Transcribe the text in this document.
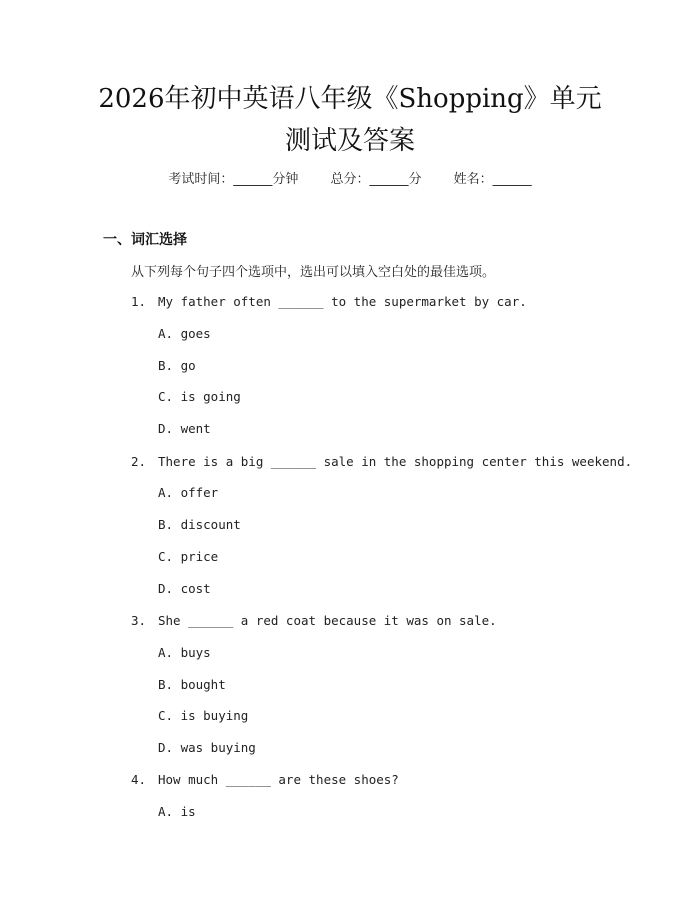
2026年初中英语八年级《Shopping》单元测试及答案
考试时间：______分钟 总分：______分 姓名：______
一、词汇选择
从下列每个句子四个选项中，选出可以填入空白处的最佳选项。
1. My father often ______ to the supermarket by car.
A. goes
B. go
C. is going
D. went
2. There is a big ______ sale in the shopping center this weekend.
A. offer
B. discount
C. price
D. cost
3. She ______ a red coat because it was on sale.
A. buys
B. bought
C. is buying
D. was buying
4. How much ______ are these shoes?
A. is
